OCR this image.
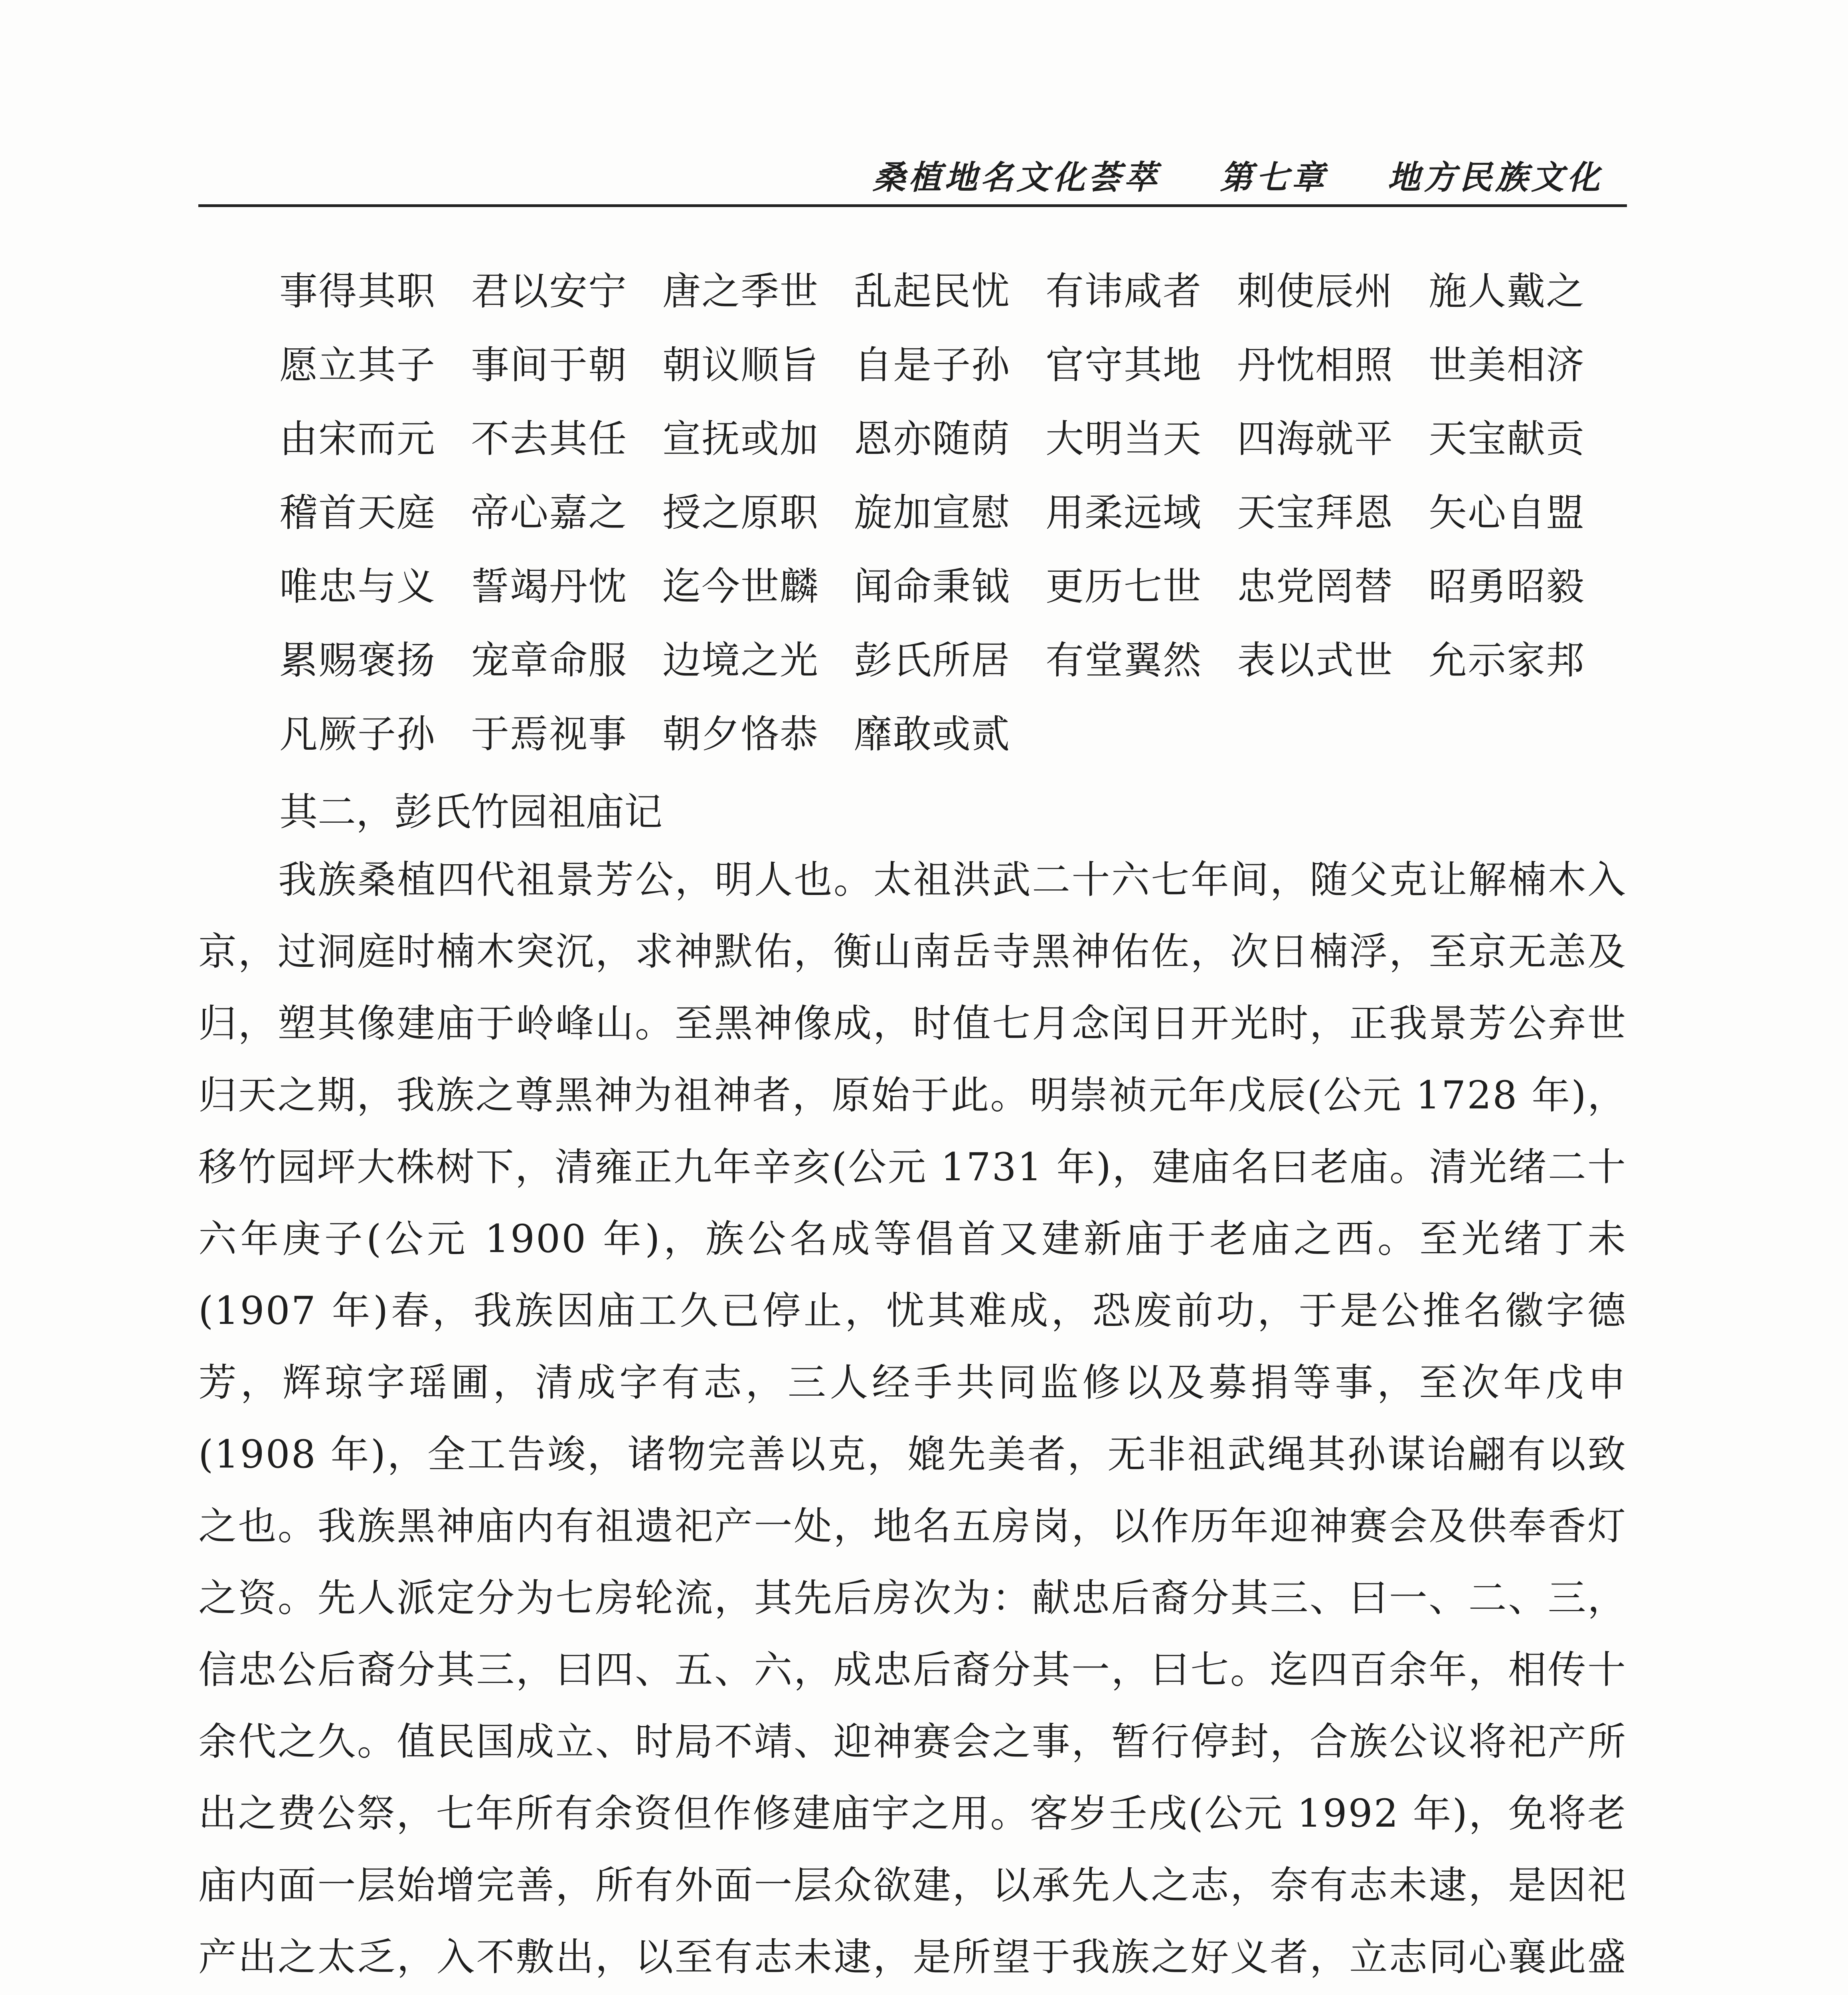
桑植地名文化荟萃 第七章 地方民族文化
事得其职 君以安宁 唐之季世 乱起民忧 有讳咸者 刺使辰州 施人戴之
愿立其子 事间于朝 朝议顺旨 自是子孙 官守其地 丹忱相照 世美相济
由宋而元 不去其任 宣抚或加 恩亦随荫 大明当天 四海就平 天宝献贡
稽首天庭 帝心嘉之 授之原职 旋加宣慰 用柔远域 天宝拜恩 矢心自盟
唯忠与义 誓竭丹忱 迄今世麟 闻命秉钺 更历七世 忠党罔替 昭勇昭毅
累赐褒扬 宠章命服 边境之光 彭氏所居 有堂翼然 表以式世 允示家邦
凡厥子孙 于焉视事 朝夕恪恭 靡敢或贰
其二，彭氏竹园祖庙记
我族桑植四代祖景芳公，明人也。太祖洪武二十六七年间，随父克让解楠木入京，过洞庭时楠木突沉，求神默佑，衡山南岳寺黑神佑佐，次日楠浮，至京无恙及归，塑其像建庙于岭峰山。至黑神像成，时值七月念闰日开光时，正我景芳公弃世归天之期，我族之尊黑神为祖神者，原始于此。明崇祯元年戊辰(公元 1728 年)，移竹园坪大株树下，清雍正九年辛亥(公元 1731 年)，建庙名曰老庙。清光绪二十六年庚子(公元 1900 年)，族公名成等倡首又建新庙于老庙之西。至光绪丁未(1907 年)春，我族因庙工久已停止，忧其难成，恐废前功，于是公推名徽字德芳，辉琼字瑶圃，清成字有志，三人经手共同监修以及募捐等事，至次年戊申(1908 年)，全工告竣，诸物完善以克，媲先美者，无非祖武绳其孙谋诒翩有以致之也。我族黑神庙内有祖遗祀产一处，地名五房岗，以作历年迎神赛会及供奉香灯之资。先人派定分为七房轮流，其先后房次为：献忠后裔分其三、曰一、二、三，信忠公后裔分其三，曰四、五、六，成忠后裔分其一，曰七。迄四百余年，相传十余代之久。值民国成立、时局不靖、迎神赛会之事，暂行停封，合族公议将祀产所出之费公祭，七年所有余资但作修建庙宇之用。客岁壬戌(公元 1992 年)，免将老庙内面一层始增完善，所有外面一层众欲建，以承先人之志，奈有志未逮，是因祀产出之太乏，入不敷出，以至有志未逮，是所望于我族之好义者，立志同心襄此盛
